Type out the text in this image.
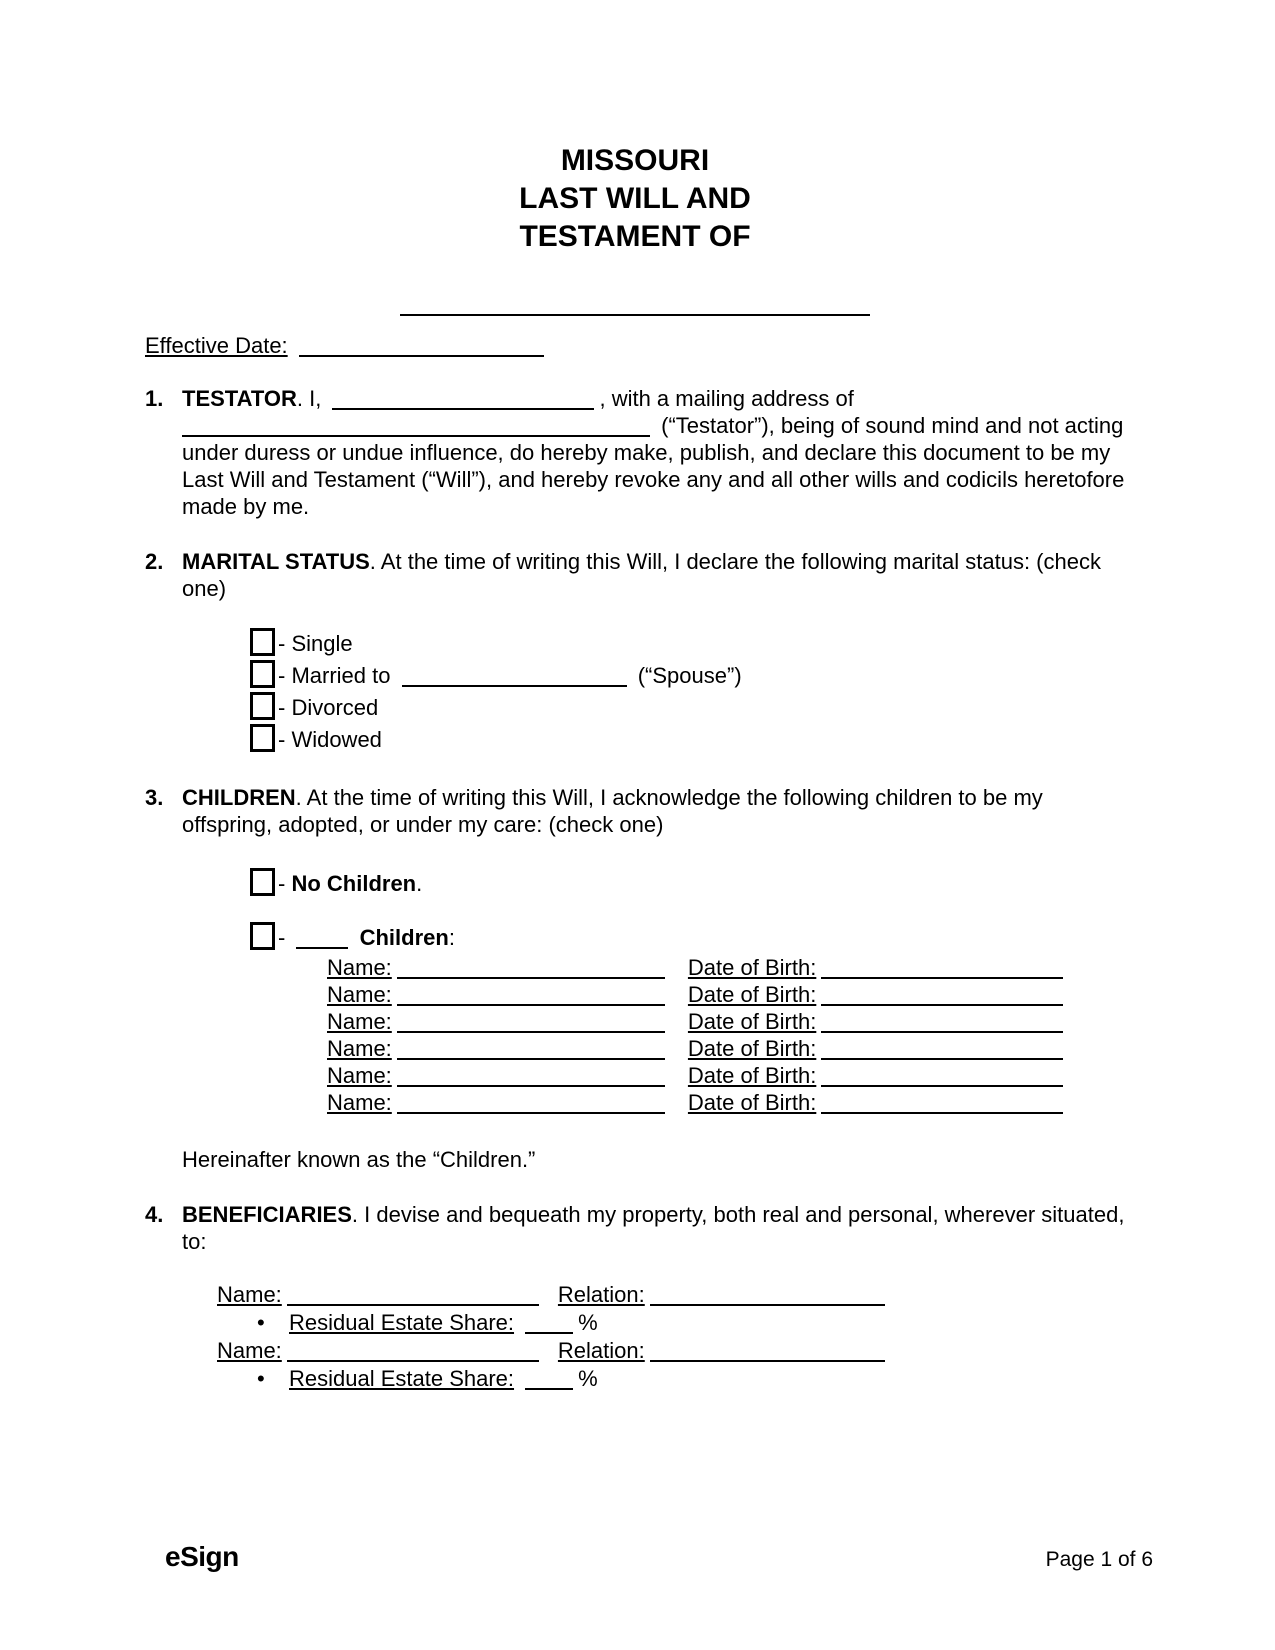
MISSOURI
LAST WILL AND
TESTAMENT OF
Effective Date:
1. TESTATOR. I,	, with a mailing address of  (“Testator”), being of sound mind and not acting under duress or undue influence, do hereby make, publish, and declare this document to be my Last Will and Testament (“Will”), and hereby revoke any and all other wills and codicils heretofore made by me.
2. MARITAL STATUS. At the time of writing this Will, I declare the following marital status: (check one)
- Single
- Married to	(“Spouse”)
- Divorced
- Widowed
3. CHILDREN. At the time of writing this Will, I acknowledge the following children to be my offspring, adopted, or under my care: (check one)
- No Children.
-	Children:
Name:	Date of Birth:
Name:	Date of Birth:
Name:	Date of Birth:
Name:	Date of Birth:
Name:	Date of Birth:
Name:	Date of Birth:
Hereinafter known as the “Children.”
4. BENEFICIARIES. I devise and bequeath my property, both real and personal, wherever situated, to:
Name:	Relation:
• Residual Estate Share:	%
Name:	Relation:
• Residual Estate Share:	%
eSign	Page 1 of 6
